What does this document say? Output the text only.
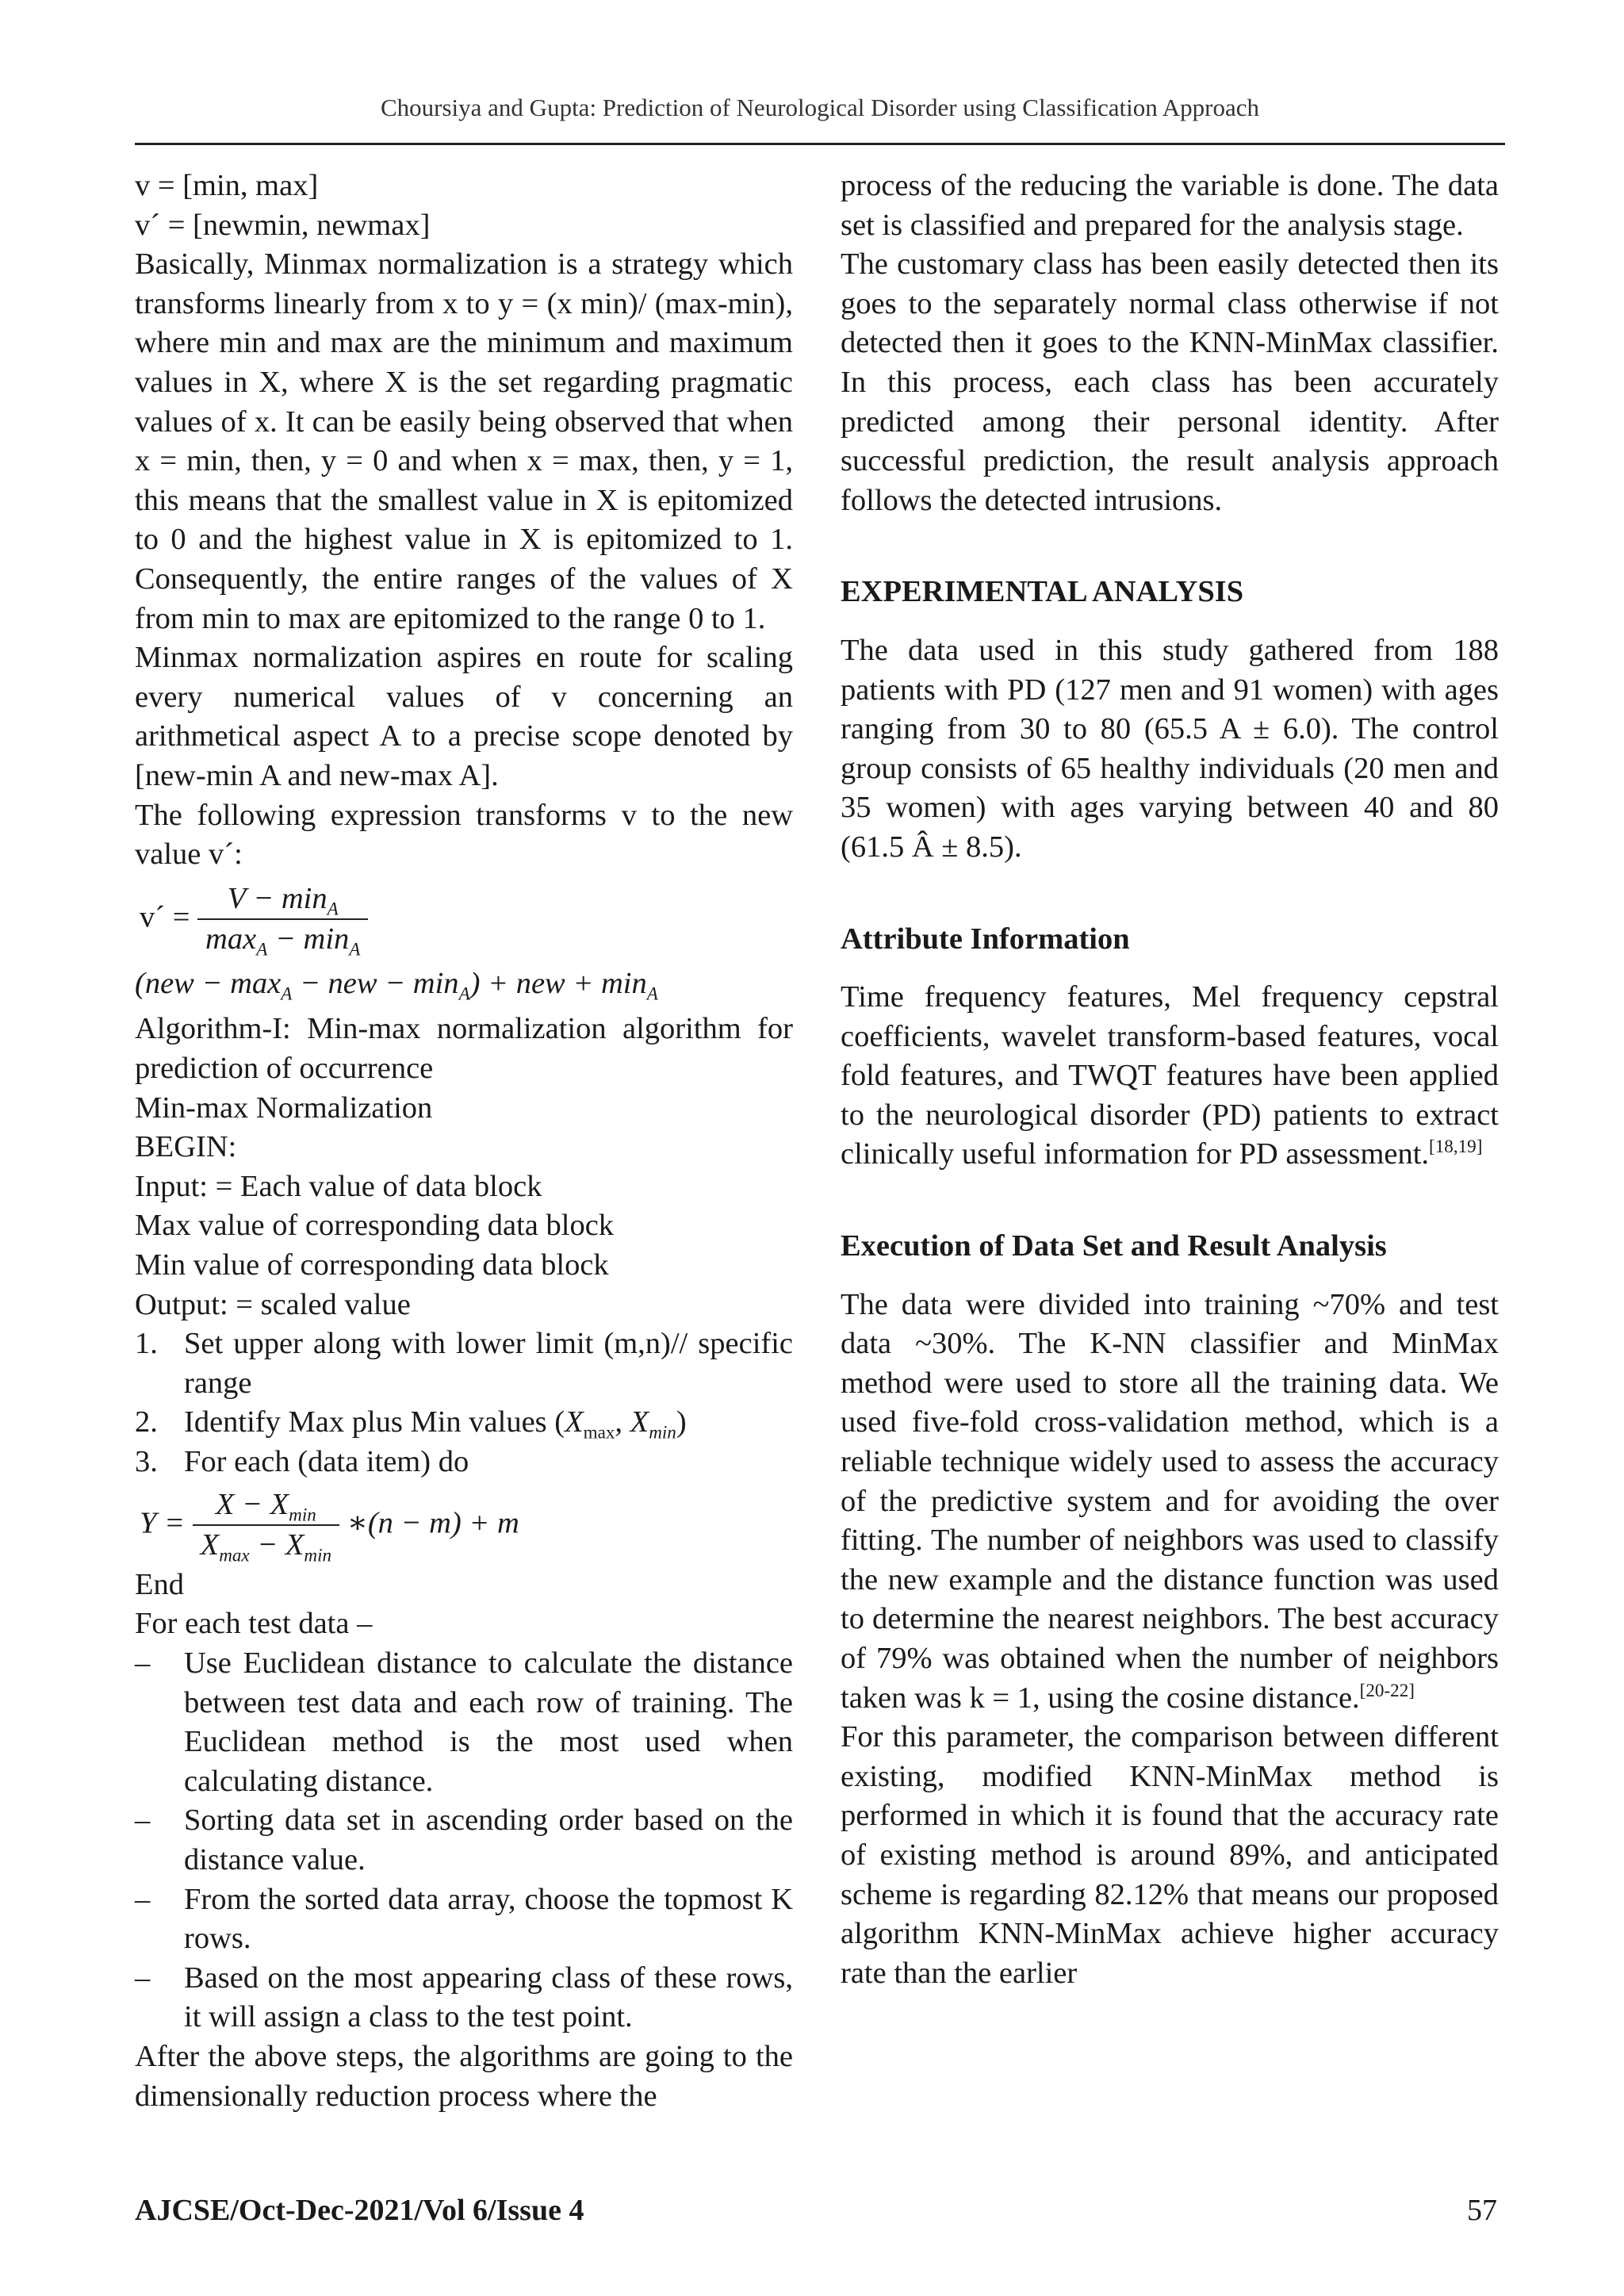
Choursiya and Gupta: Prediction of Neurological Disorder using Classification Approach
v = [min, max]
v´ = [newmin, newmax]

Basically, Minmax normalization is a strategy which transforms linearly from x to y = (x min)/ (max-min), where min and max are the minimum and maximum values in X, where X is the set regarding pragmatic values of x. It can be easily being observed that when x = min, then, y = 0 and when x = max, then, y = 1, this means that the smallest value in X is epitomized to 0 and the highest value in X is epitomized to 1. Consequently, the entire ranges of the values of X from min to max are epitomized to the range 0 to 1.

Minmax normalization aspires en route for scaling every numerical values of v concerning an arithmetical aspect A to a precise scope denoted by [new-min A and new-max A].

The following expression transforms v to the new value v´:

v´ = $\frac{V - \min_A}{\max_A - \min_A}$
($new - \max_A$ − new − $\min_A$) + new + $\min_A$

Algorithm-I: Min-max normalization algorithm for prediction of occurrence

Min-max Normalization
BEGIN:
Input: = Each value of data block
Max value of corresponding data block
Min value of corresponding data block
Output: = scaled value
1. Set upper along with lower limit (m,n)// specific range
2. Identify Max plus Min values ($X_{max}$, $X_{min}$)
3. For each (data item) do
$Y = \frac{X - X_{min}}{X_{max} - X_{min}}$ ∗(n − m) + m
End
For each test data –
– Use Euclidean distance to calculate the distance between test data and each row of training. The Euclidean method is the most used when calculating distance.
– Sorting data set in ascending order based on the distance value.
– From the sorted data array, choose the topmost K rows.
– Based on the most appearing class of these rows, it will assign a class to the test point.

After the above steps, the algorithms are going to the dimensionally reduction process where the

process of the reducing the variable is done. The data set is classified and prepared for the analysis stage.

The customary class has been easily detected then its goes to the separately normal class otherwise if not detected then it goes to the KNN-MinMax classifier. In this process, each class has been accurately predicted among their personal identity. After successful prediction, the result analysis approach follows the detected intrusions.

EXPERIMENTAL ANALYSIS

The data used in this study gathered from 188 patients with PD (127 men and 91 women) with ages ranging from 30 to 80 (65.5 A ± 6.0). The control group consists of 65 healthy individuals (20 men and 35 women) with ages varying between 40 and 80 (61.5 Â ± 8.5).

Attribute Information

Time frequency features, Mel frequency cepstral coefficients, wavelet transform-based features, vocal fold features, and TWQT features have been applied to the neurological disorder (PD) patients to extract clinically useful information for PD assessment.[18,19]

Execution of Data Set and Result Analysis

The data were divided into training ~70% and test data ~30%. The K-NN classifier and MinMax method were used to store all the training data. We used five-fold cross-validation method, which is a reliable technique widely used to assess the accuracy of the predictive system and for avoiding the over fitting. The number of neighbors was used to classify the new example and the distance function was used to determine the nearest neighbors. The best accuracy of 79% was obtained when the number of neighbors taken was k = 1, using the cosine distance.[20-22]

For this parameter, the comparison between different existing, modified KNN-MinMax method is performed in which it is found that the accuracy rate of existing method is around 89%, and anticipated scheme is regarding 82.12% that means our proposed algorithm KNN-MinMax achieve higher accuracy rate than the earlier

AJCSE/Oct-Dec-2021/Vol 6/Issue 4	57
